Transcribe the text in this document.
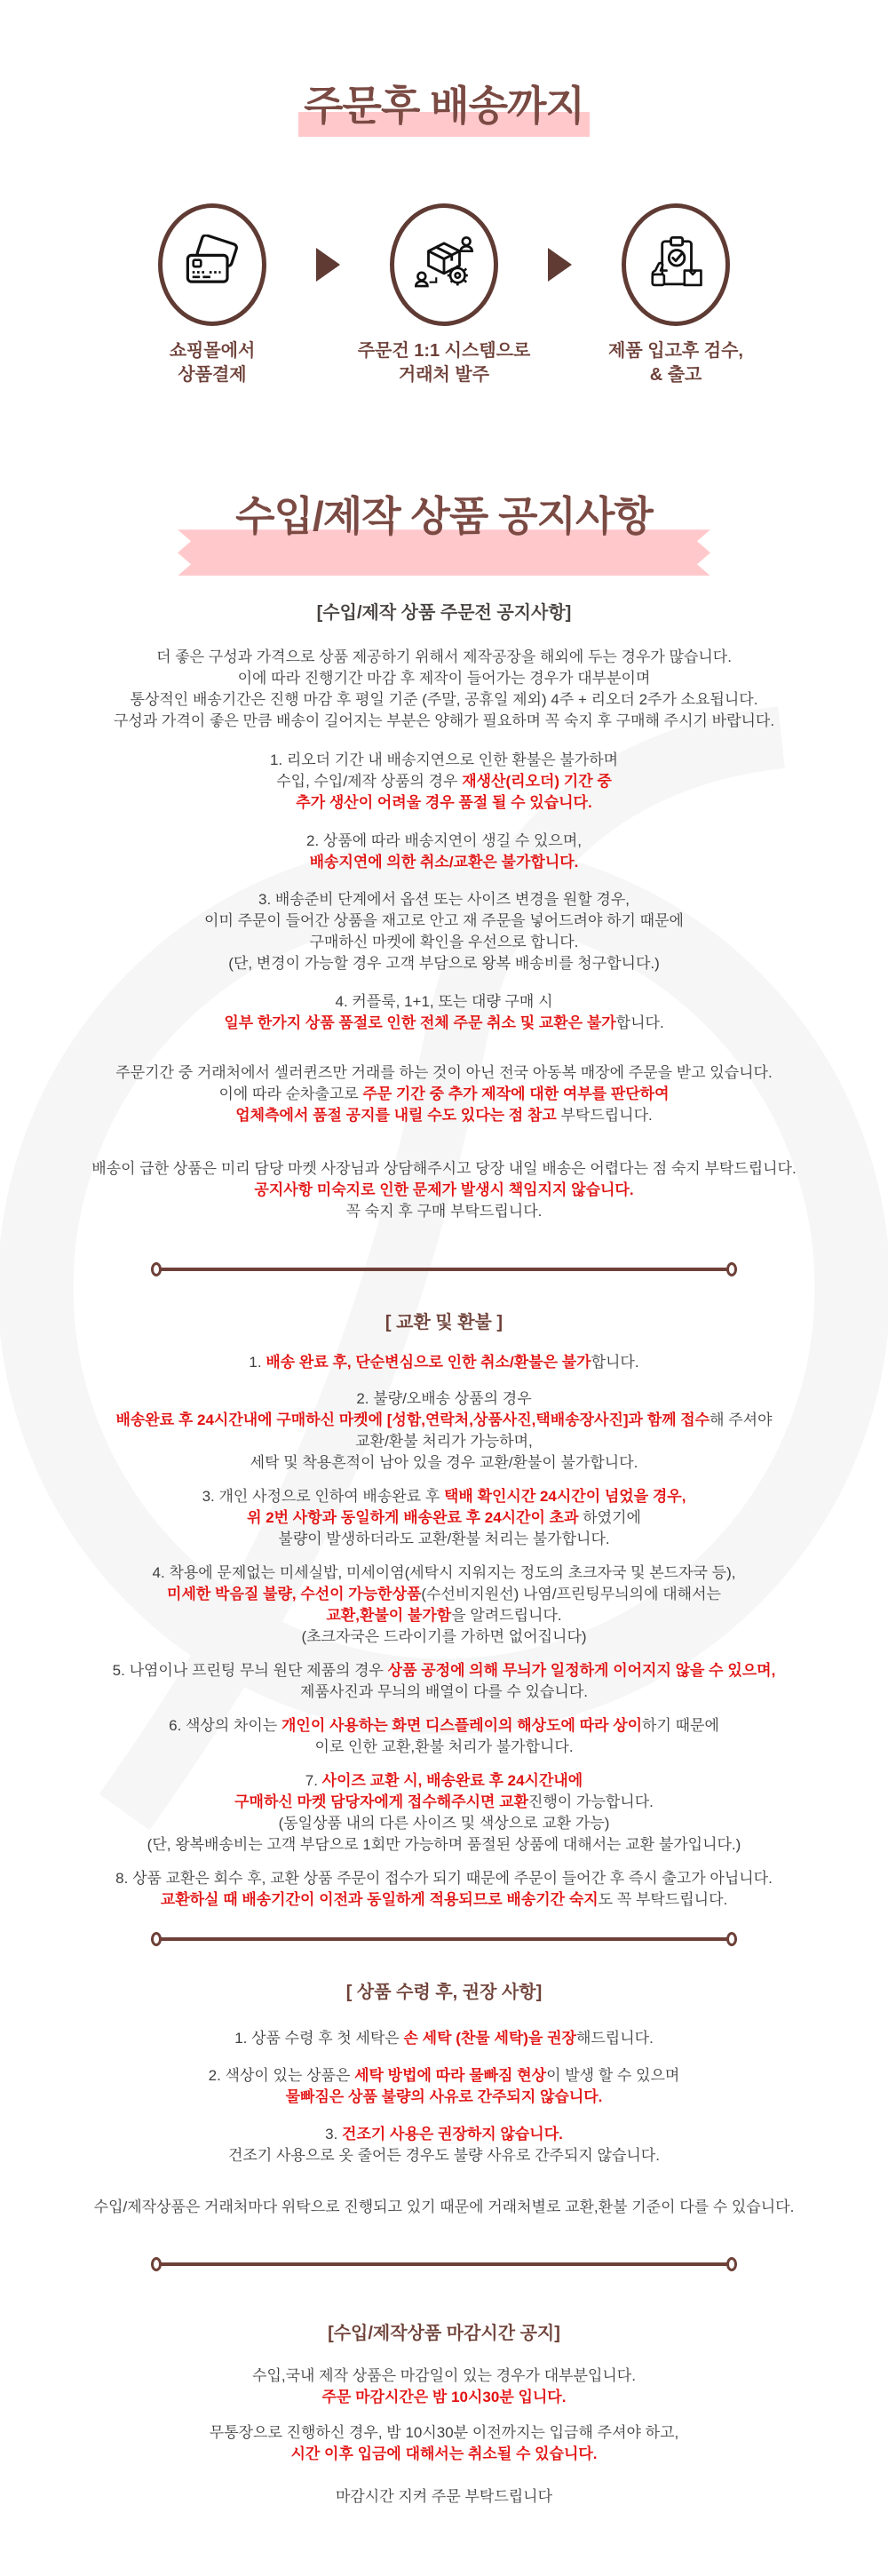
주문후 배송까지
쇼핑몰에서
상품결제
주문건 1:1 시스템으로
거래처 발주
제품 입고후 검수,
& 출고
수입/제작 상품 공지사항
[수입/제작 상품 주문전 공지사항]
더 좋은 구성과 가격으로 상품 제공하기 위해서 제작공장을 해외에 두는 경우가 많습니다.
이에 따라 진행기간 마감 후 제작이 들어가는 경우가 대부분이며
통상적인 배송기간은 진행 마감 후 평일 기준 (주말, 공휴일 제외) 4주 + 리오더 2주가 소요됩니다.
구성과 가격이 좋은 만큼 배송이 길어지는 부분은 양해가 필요하며 꼭 숙지 후 구매해 주시기 바랍니다.
1. 리오더 기간 내 배송지연으로 인한 환불은 불가하며
수입, 수입/제작 상품의 경우 재생산(리오더) 기간 중
추가 생산이 어려울 경우 품절 될 수 있습니다.
2. 상품에 따라 배송지연이 생길 수 있으며,
배송지연에 의한 취소/교환은 불가합니다.
3. 배송준비 단계에서 옵션 또는 사이즈 변경을 원할 경우,
이미 주문이 들어간 상품을 재고로 안고 재 주문을 넣어드려야 하기 때문에
구매하신 마켓에 확인을 우선으로 합니다.
(단, 변경이 가능할 경우 고객 부담으로 왕복 배송비를 청구합니다.)
4. 커플룩, 1+1, 또는 대량 구매 시
일부 한가지 상품 품절로 인한 전체 주문 취소 및 교환은 불가합니다.
주문기간 중 거래처에서 셀러퀸즈만 거래를 하는 것이 아닌 전국 아동복 매장에 주문을 받고 있습니다.
이에 따라 순차출고로 주문 기간 중 추가 제작에 대한 여부를 판단하여
업체측에서 품절 공지를 내릴 수도 있다는 점 참고 부탁드립니다.
배송이 급한 상품은 미리 담당 마켓 사장님과 상담해주시고 당장 내일 배송은 어렵다는 점 숙지 부탁드립니다.
공지사항 미숙지로 인한 문제가 발생시 책임지지 않습니다.
꼭 숙지 후 구매 부탁드립니다.
[ 교환 및 환불 ]
1. 배송 완료 후, 단순변심으로 인한 취소/환불은 불가합니다.
2. 불량/오배송 상품의 경우
배송완료 후 24시간내에 구매하신 마켓에 [성함,연락처,상품사진,택배송장사진]과 함께 접수해 주셔야
교환/환불 처리가 가능하며,
세탁 및 착용흔적이 남아 있을 경우 교환/환불이 불가합니다.
3. 개인 사정으로 인하여 배송완료 후 택배 확인시간 24시간이 넘었을 경우,
위 2번 사항과 동일하게 배송완료 후 24시간이 초과 하였기에
불량이 발생하더라도 교환/환불 처리는 불가합니다.
4. 착용에 문제없는 미세실밥, 미세이염(세탁시 지워지는 정도의 초크자국 및 본드자국 등),
미세한 박음질 불량, 수선이 가능한상품(수선비지원선) 나염/프린팅무늬의에 대해서는
교환,환불이 불가함을 알려드립니다.
(초크자국은 드라이기를 가하면 없어집니다)
5. 나염이나 프린팅 무늬 원단 제품의 경우 상품 공정에 의해 무늬가 일정하게 이어지지 않을 수 있으며,
제품사진과 무늬의 배열이 다를 수 있습니다.
6. 색상의 차이는 개인이 사용하는 화면 디스플레이의 해상도에 따라 상이하기 때문에
이로 인한 교환,환불 처리가 불가합니다.
7. 사이즈 교환 시, 배송완료 후 24시간내에
구매하신 마켓 담당자에게 접수해주시면 교환진행이 가능합니다.
(동일상품 내의 다른 사이즈 및 색상으로 교환 가능)
(단, 왕복배송비는 고객 부담으로 1회만 가능하며 품절된 상품에 대해서는 교환 불가입니다.)
8. 상품 교환은 회수 후, 교환 상품 주문이 접수가 되기 때문에 주문이 들어간 후 즉시 출고가 아닙니다.
교환하실 때 배송기간이 이전과 동일하게 적용되므로 배송기간 숙지도 꼭 부탁드립니다.
[ 상품 수령 후, 권장 사항]
1. 상품 수령 후 첫 세탁은 손 세탁 (찬물 세탁)을 권장해드립니다.
2. 색상이 있는 상품은 세탁 방법에 따라 물빠짐 현상이 발생 할 수 있으며
물빠짐은 상품 불량의 사유로 간주되지 않습니다.
3. 건조기 사용은 권장하지 않습니다.
건조기 사용으로 옷 줄어든 경우도 불량 사유로 간주되지 않습니다.
수입/제작상품은 거래처마다 위탁으로 진행되고 있기 때문에 거래처별로 교환,환불 기준이 다를 수 있습니다.
[수입/제작상품 마감시간 공지]
수입,국내 제작 상품은 마감일이 있는 경우가 대부분입니다.
주문 마감시간은 밤 10시30분 입니다.
무통장으로 진행하신 경우, 밤 10시30분 이전까지는 입금해 주셔야 하고,
시간 이후 입금에 대해서는 취소될 수 있습니다.
마감시간 지켜 주문 부탁드립니다
